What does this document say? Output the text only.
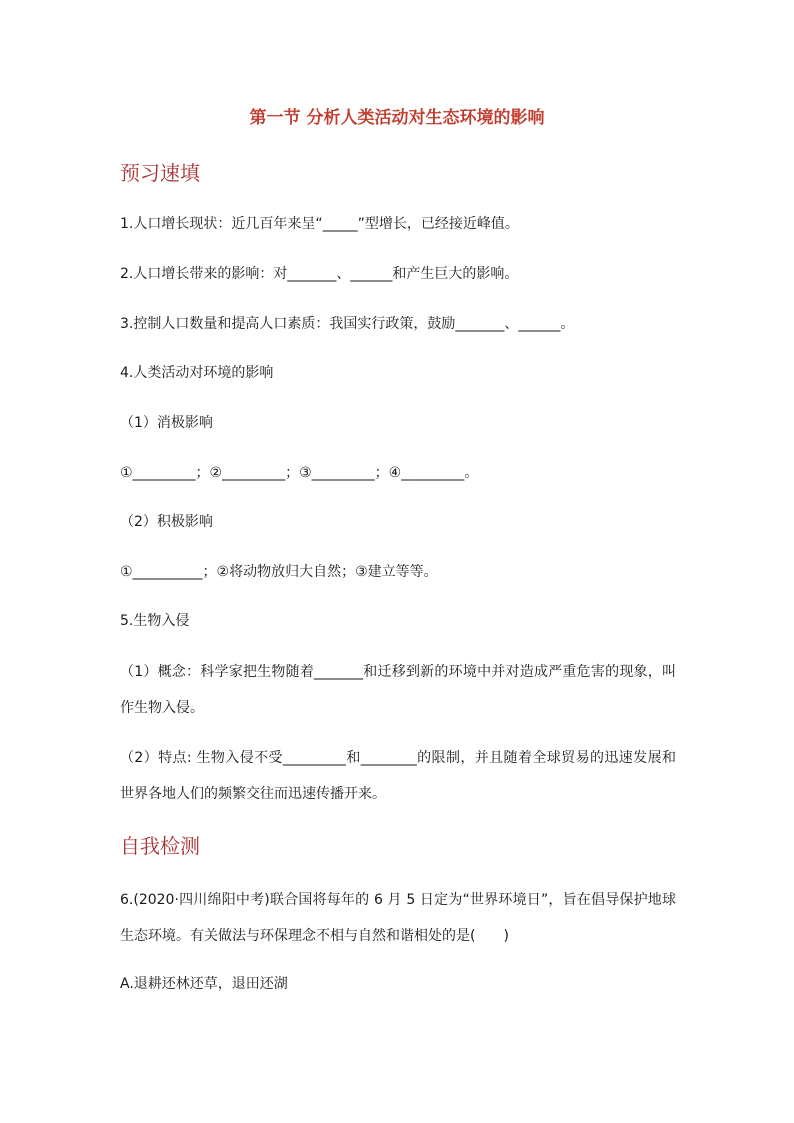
第一节 分析人类活动对生态环境的影响
预习速填
1.人口增长现状：近几百年来呈“_____”型增长，已经接近峰值。
2.人口增长带来的影响：对_______、______和产生巨大的影响。
3.控制人口数量和提高人口素质：我国实行政策，鼓励_______、______。
4.人类活动对环境的影响
（1）消极影响
①_________；②_________；③_________；④_________。
（2）积极影响
①__________；②将动物放归大自然；③建立等等。
5.生物入侵
（1）概念：科学家把生物随着_______和迁移到新的环境中并对造成严重危害的现象，叫作生物入侵。
（2）特点: 生物入侵不受_________和________的限制，并且随着全球贸易的迅速发展和世界各地人们的频繁交往而迅速传播开来。
自我检测
6.(2020·四川绵阳中考)联合国将每年的 6 月 5 日定为“世界环境日”，旨在倡导保护地球生态环境。有关做法与环保理念不相与自然和谐相处的是(　　)
A.退耕还林还草，退田还湖
